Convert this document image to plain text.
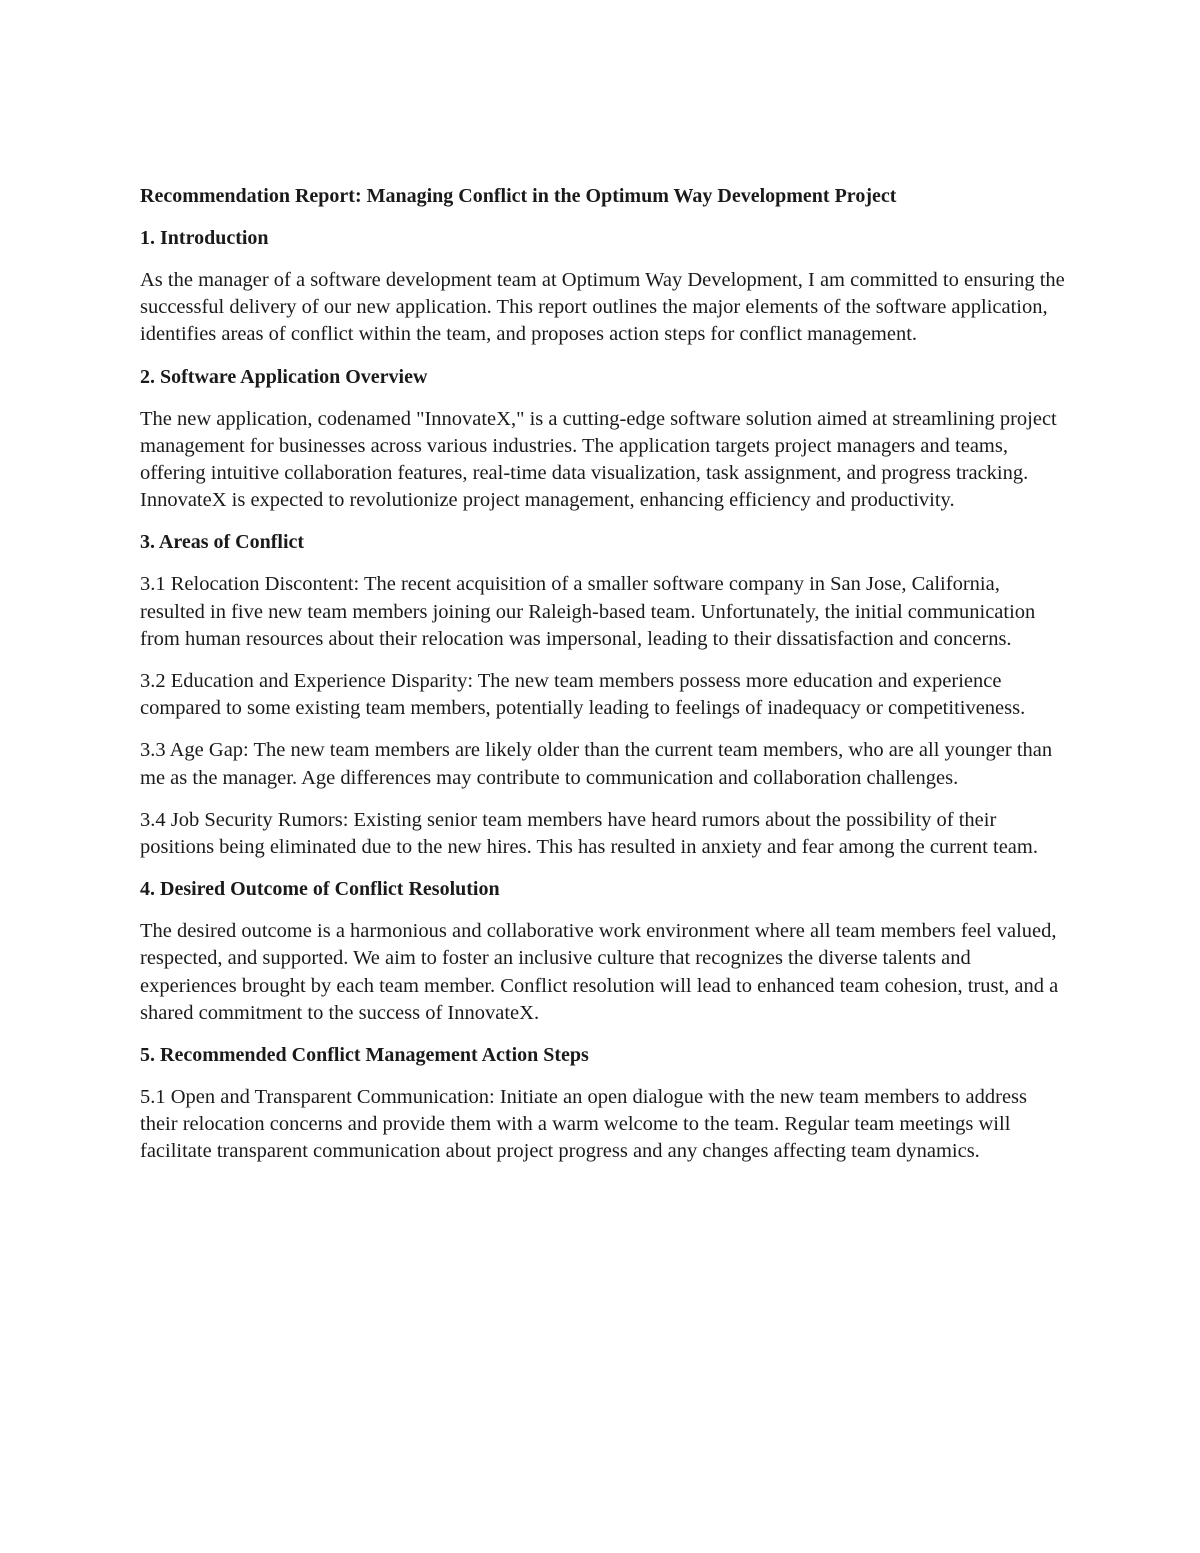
Recommendation Report: Managing Conflict in the Optimum Way Development Project
1. Introduction

As the manager of a software development team at Optimum Way Development, I am committed to ensuring the successful delivery of our new application. This report outlines the major elements of the software application, identifies areas of conflict within the team, and proposes action steps for conflict management.

2. Software Application Overview

The new application, codenamed "InnovateX," is a cutting-edge software solution aimed at streamlining project management for businesses across various industries. The application targets project managers and teams, offering intuitive collaboration features, real-time data visualization, task assignment, and progress tracking. InnovateX is expected to revolutionize project management, enhancing efficiency and productivity.

3. Areas of Conflict

3.1 Relocation Discontent: The recent acquisition of a smaller software company in San Jose, California, resulted in five new team members joining our Raleigh-based team. Unfortunately, the initial communication from human resources about their relocation was impersonal, leading to their dissatisfaction and concerns.

3.2 Education and Experience Disparity: The new team members possess more education and experience compared to some existing team members, potentially leading to feelings of inadequacy or competitiveness.

3.3 Age Gap: The new team members are likely older than the current team members, who are all younger than me as the manager. Age differences may contribute to communication and collaboration challenges.

3.4 Job Security Rumors: Existing senior team members have heard rumors about the possibility of their positions being eliminated due to the new hires. This has resulted in anxiety and fear among the current team.

4. Desired Outcome of Conflict Resolution

The desired outcome is a harmonious and collaborative work environment where all team members feel valued, respected, and supported. We aim to foster an inclusive culture that recognizes the diverse talents and experiences brought by each team member. Conflict resolution will lead to enhanced team cohesion, trust, and a shared commitment to the success of InnovateX.

5. Recommended Conflict Management Action Steps

5.1 Open and Transparent Communication: Initiate an open dialogue with the new team members to address their relocation concerns and provide them with a warm welcome to the team. Regular team meetings will facilitate transparent communication about project progress and any changes affecting team dynamics.
